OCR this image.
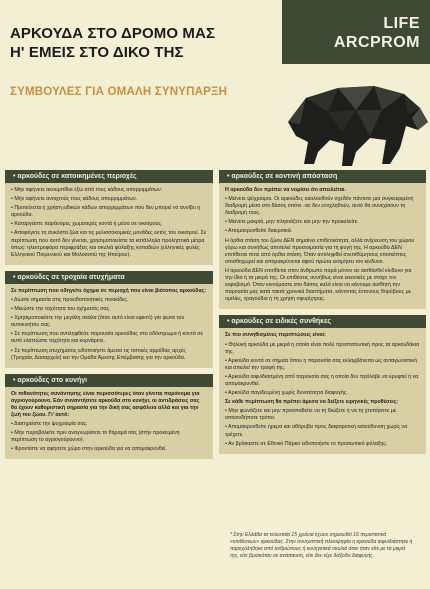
ΑΡΚΟΥΔΑ ΣΤΟ ΔΡΟΜΟ ΜΑΣ
Η' ΕΜΕΙΣ ΣΤΟ ΔΙΚΟ ΤΗΣ
ΣΥΜΒΟΥΛΕΣ ΓΙΑ ΟΜΑΛΗ ΣΥΝΥΠΑΡΞΗ
LIFE
ARCPROM
• αρκούδες σε κατοικημένες περιοχές

• Μην αφήνετε ακουμπίδια έξω από τους κάδους απορριμμάτων.

• Μην αφήνετε ανοιχτούς τους κάδους απορριμμάτων.

• Προτείνεται η χρήση ειδικών κάδων απορριμμάτων που δεν μπορεί να ανοίξει η αρκούδα.

• Καταργείστε παράνομες χωματερές κοντά ή μέσα σε οικισμούς.

• Αποφύγετε τη συκόστα ζώα και τις μελισσοκομικές μονάδες εκτός του οικισμού. Σε περίπτωση που αυτό δεν γίνεται, χρησιμοποιείστε τα κατάλληλα προληπτικά μέτρα όπως: ηλεκτροφόρα περιφράξεις και σκυλιά φύλαξης κοπαδιών (ελληνικές φυλές Ελληνικού Ποιμενικού και Μολοσσού της Ηπείρου).

• αρκούδες σε τροχαία ατυχήματα

Σε περίπτωση που οδηγείτε όχημα σε περιοχή που είναι βιότοπος αρκούδας:

• Δώστε σημασία στις προειδοποιητικές πινακίδες.

• Μειώστε την ταχύτητα του οχήματός σας.

• Χρησιμοποιείστε την μεγάλη σκάλα (όταν αυτό είναι εφικτό) για φώτα του αυτοκινήτου σας.

• Σε περίπτωση που αντιληφθείτε παρουσία αρκούδας στο οδόστρωμα ή κοντά σε αυτό ελαττώστε ταχύτητα και κορνάρετε.

• Σε περίπτωση ατυχήματος ειδοποιήστε άμεσα τις τοπικές αρμόδιες αρχές (Τροχαία, Δασαρχείο) και την Ομάδα Άμεσης Επέμβασης για την αρκούδα.

• αρκούδες στο κυνήγι

Οι πιθανότητες συνάντησης είναι περισσότερες όταν γίνεται παράνομα για αγριογούρουνο. Εάν συναντήσετε αρκούδα στο κυνήγι, οι αντιδράσεις σας θα έχουν καθοριστική σημασία για την δική σας ασφάλεια αλλά και για την ζωή του ζώου. Γι' αυτό:

• Διατηρείστε την ψυχραιμία σας.

• Μην πυροβολείτε πριν αναγνωρίσετε το θήραμά σας (στην προκειμένη περίπτωση το αγριογούρουνο).

• Φροντίστε να αφήσετε χώρο στην αρκούδα για να απομακρυνθεί.

• αρκούδες σε κοντινή απόσταση

Η αρκούδα δεν πρέπει να νομίσει ότι απειλείται.

• Μείνετε ψύχραιμοι. Οι αρκούδες ακολουθούν σχεδόν πάντοτε μια συγκεκριμένη διαδρομή μέσα στο δάσος οπότε -αν δεν ενοχληθούν, αυτό θα συνεχίσουν τη διαδρομή τους.

• Μείνετε μακριά, μην πλησιάζετε και μην την προκαλείτε.

• Απομακρυνθείτε διακριτικά.

Η όρθια στάση του ζώου ΔΕΝ σημαίνει επιθετικότητα, αλλά ανίχνευση του χώρου γύρω και συνήθως αποτελεί προετοιμασία για τη φυγή της. Η αρκούδα ΔΕΝ επιτίθεται ποτέ από όρθια στάση. Όταν αντιληφθεί ανεπιθύμητους επισκέπτες οπισθοχωρεί και απομακρύνεται αφού πρώτα εκτιμήσει τον κίνδυνο.

Η αρκούδα ΔΕΝ επιτίθεται στον άνθρωπο παρά μόνον αν αισθανθεί κίνδυνο για την ίδια ή τα μικρά της. Οι επιθέσεις συνήθως είναι εικονικές με στόχο τον εκφοβισμό. Όταν κινούμαστε στο δάσος καλό είναι να κάνουμε αισθητή την παρουσία μας κατά τακτά χρονικά διαστήματα, κάνοντας έντονους θορύβους με ομιλίες, τραγούδια ή τη χρήση σφυρίχτρας.

• αρκούδες σε ειδικές συνθήκες

Σε πιο συνηθισμένες περιπτώσεις είναι:

• Θηλυκή αρκούδα με μικρά η οποία είναι πολύ προστατευτική προς τα αρκουδάκια της.

• Αρκούδα κοντά σε σημεία όπου η παρουσία σας εκλαμβάνεται ως ανταγωνιστική και απειλεί την τροφή της.

• Αρκούδα αιφνιδιασμένη από παρουσία σας η οποία δεν πρόλαβε να κρυφτεί ή να απομακρυνθεί.

• Αρκούδα παγιδευμένη χωρίς δυνατότητα διαφυγής.

Σε κάθε περίπτωση θα πρέπει άμεσα να δείξετε ειρηνικές προθέσεις:

• Μην φωνάζετε και μην προσπαθείτε να τη διώξετε ή να τη χτυπήσετε με οποιονδήποτε τρόπο.

• Απομακρυνθείτε ήρεμα και αθόρυβα προς διαφορετική κατεύθυνση χωρίς να τρέχετε.

• Αν βρίσκεστε σε Εθνικό Πάρκο ειδοποιήστε το προσωπικό φύλαξης.

* Στην Ελλάδα τα τελευταία 15 χρόνια έχουν σημειωθεί 16 περιστατικά «επιθέσεων» αρκούδας. Στην συντριπτική πλειοψηφία η αρκούδα αιφνιδιάστηκε ή παρεχόληθηκε από ανθρώπους ή κυνηγετικά σκυλιά όταν ήταν είτε με τα μικρά της, είτε βρισκόταν σε ανάπαυση, είτε δεν είχε διέξοδο διαφυγής.
